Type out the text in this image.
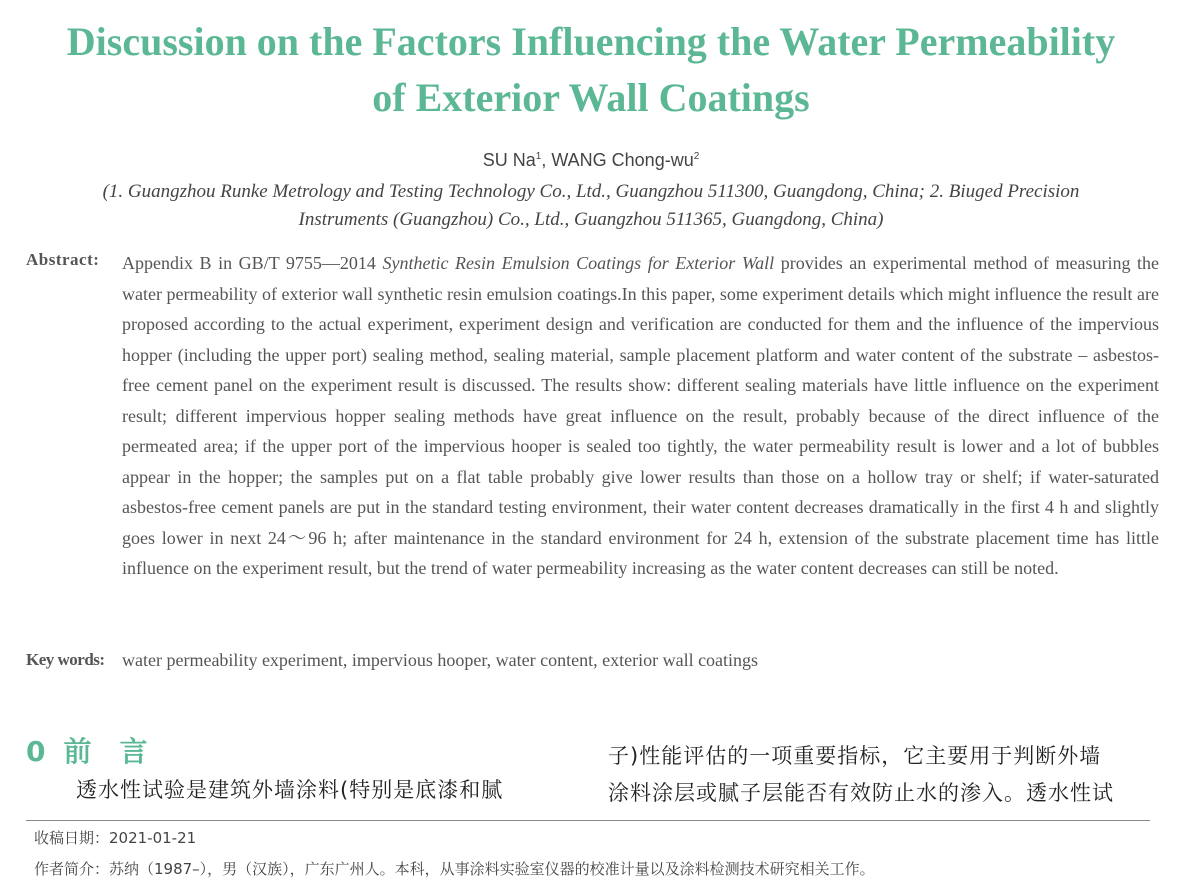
Discussion on the Factors Influencing the Water Permeability
of Exterior Wall Coatings
SU Na$^1$, WANG Chong-$wu^2$
(1. Guangzhou Runke Metrology and Testing Technology Co., Ltd., Guangzhou 511300, Guangdong, China; 2. Biuged Precision
Instruments (Guangzhou) Co., Ltd., Guangzhou 511365, Guangdong, China)
Abstract: Appendix B in GB/T 9755—2014 Synthetic Resin Emulsion Coatings for Exterior Wall provides an experimental method of measuring the water permeability of exterior wall synthetic resin emulsion coatings.In this paper, some experiment details which might influence the result are proposed according to the actual experiment, experiment design and verification are conducted for them and the influence of the impervious hopper (including the upper port) sealing method, sealing material, sample placement platform and water content of the substrate – asbestos-free cement panel on the experiment result is discussed. The results show: different sealing materials have little influence on the experiment result; different impervious hopper sealing methods have great influence on the result, probably because of the direct influence of the permeated area; if the upper port of the impervious hooper is sealed too tightly, the water permeability result is lower and a lot of bubbles appear in the hopper; the samples put on a flat table probably give lower results than those on a hollow tray or shelf; if water-saturated asbestos-free cement panels are put in the standard testing environment, their water content decreases dramatically in the first 4 h and slightly goes lower in next 24～96 h; after maintenance in the standard environment for 24 h, extension of the substrate placement time has little influence on the experiment result, but the trend of water permeability increasing as the water content decreases can still be noted.
Key words: water permeability experiment, impervious hooper, water content, exterior wall coatings
0 前　言
透水性试验是建筑外墙涂料(特别是底漆和腻
子)性能评估的一项重要指标，它主要用于判断外墙
涂料涂层或腻子层能否有效防止水的渗入。透水性试
收稿日期：2021-01-21
作者简介：苏纳（1987–），男（汉族），广东广州人。本科，从事涂料实验室仪器的校准计量以及涂料检测技术研究相关工作。
